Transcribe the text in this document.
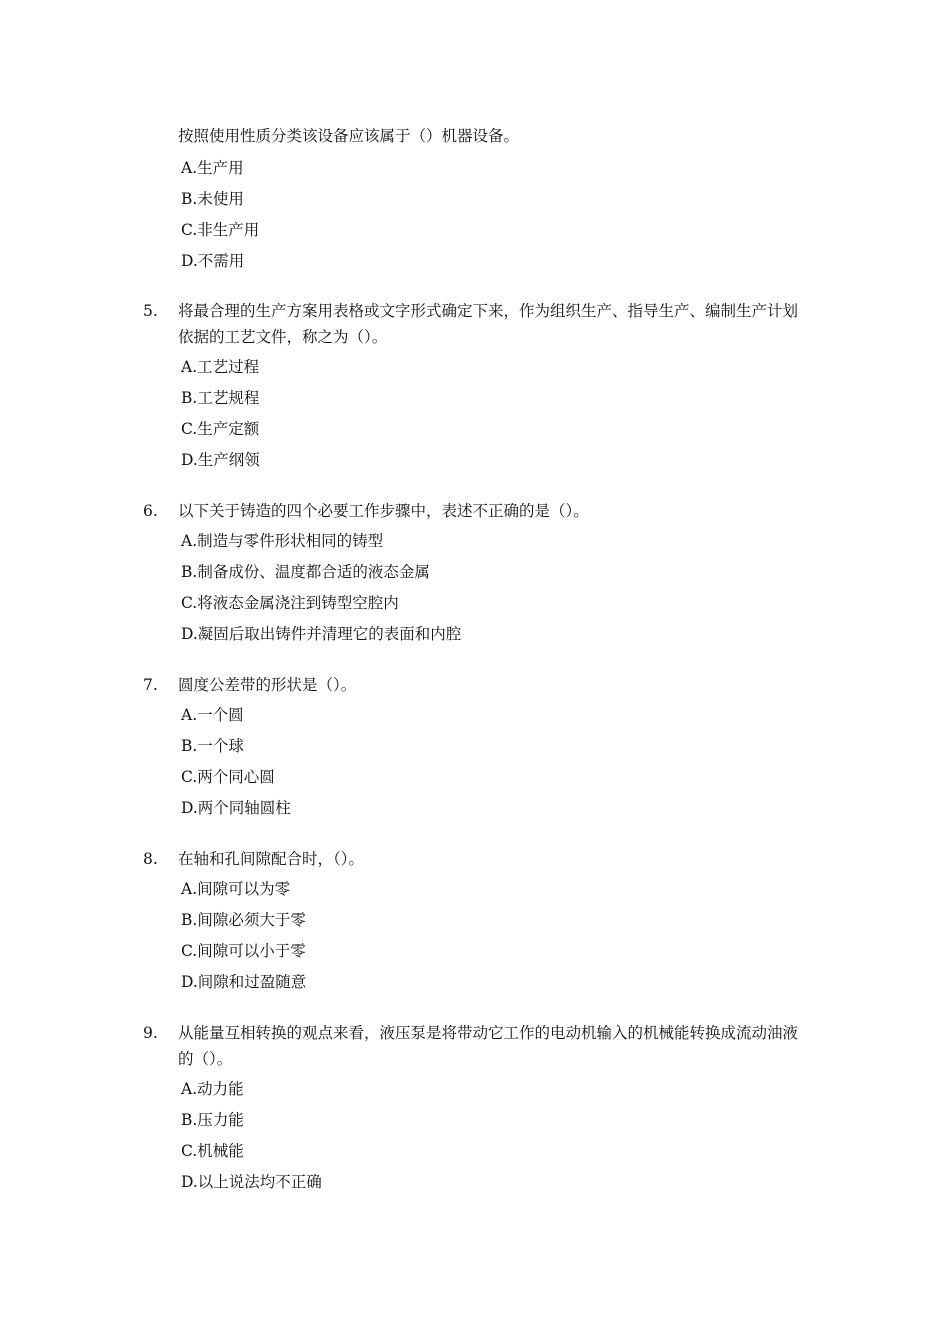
按照使用性质分类该设备应该属于（）机器设备。
A.生产用
B.未使用
C.非生产用
D.不需用
5. 将最合理的生产方案用表格或文字形式确定下来，作为组织生产、指导生产、编制生产计划依据的工艺文件，称之为（）。
A.工艺过程
B.工艺规程
C.生产定额
D.生产纲领
6. 以下关于铸造的四个必要工作步骤中，表述不正确的是（）。
A.制造与零件形状相同的铸型
B.制备成份、温度都合适的液态金属
C.将液态金属浇注到铸型空腔内
D.凝固后取出铸件并清理它的表面和内腔
7. 圆度公差带的形状是（）。
A.一个圆
B.一个球
C.两个同心圆
D.两个同轴圆柱
8. 在轴和孔间隙配合时，（）。
A.间隙可以为零
B.间隙必须大于零
C.间隙可以小于零
D.间隙和过盈随意
9. 从能量互相转换的观点来看，液压泵是将带动它工作的电动机输入的机械能转换成流动油液的（）。
A.动力能
B.压力能
C.机械能
D.以上说法均不正确
